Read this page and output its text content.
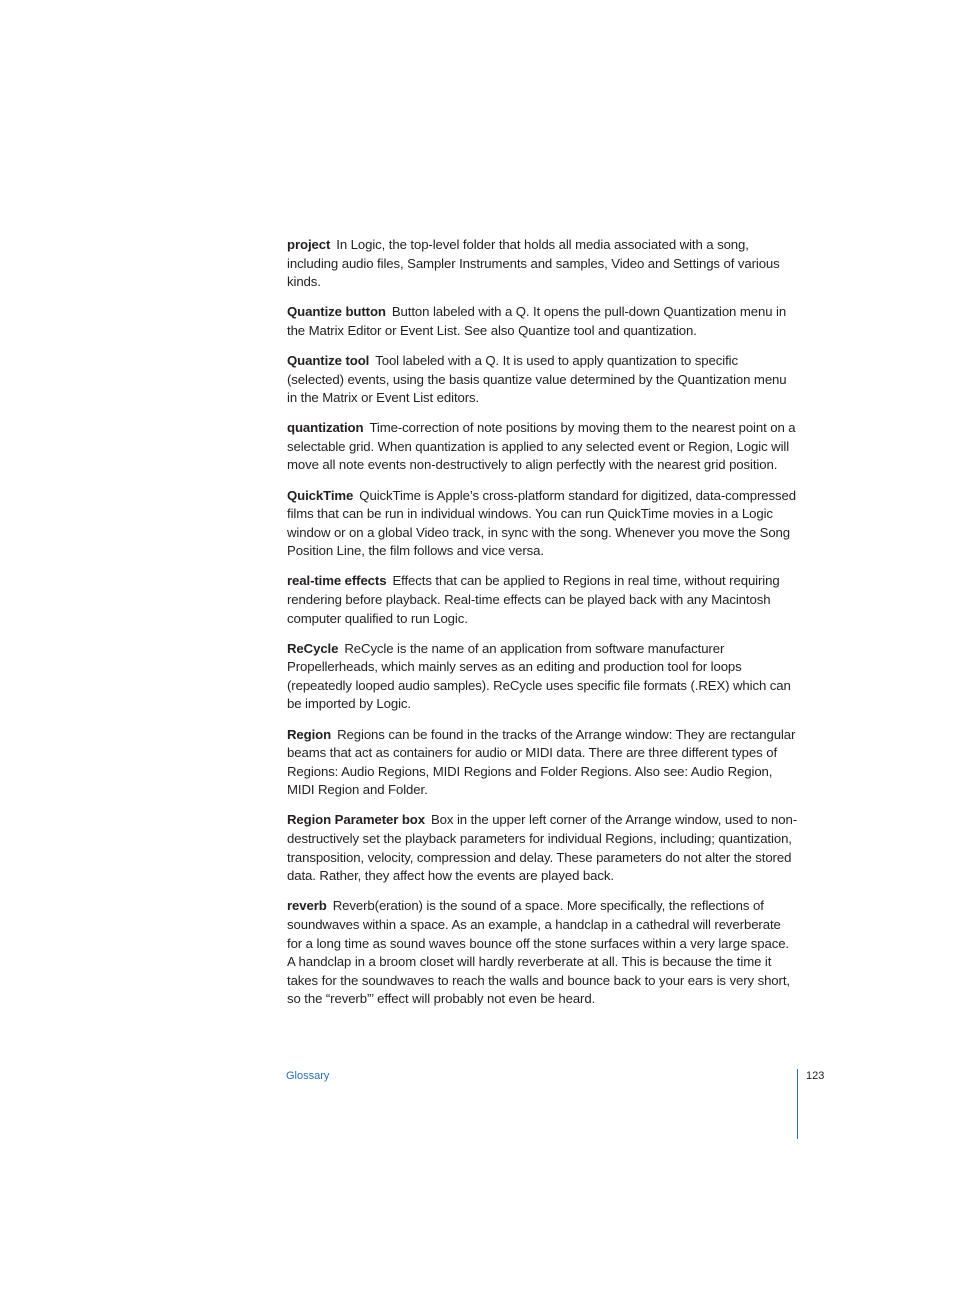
project In Logic, the top-level folder that holds all media associated with a song, including audio files, Sampler Instruments and samples, Video and Settings of various kinds.

Quantize button Button labeled with a Q. It opens the pull-down Quantization menu in the Matrix Editor or Event List. See also Quantize tool and quantization.

Quantize tool Tool labeled with a Q. It is used to apply quantization to specific (selected) events, using the basis quantize value determined by the Quantization menu in the Matrix or Event List editors.

quantization Time-correction of note positions by moving them to the nearest point on a selectable grid. When quantization is applied to any selected event or Region, Logic will move all note events non-destructively to align perfectly with the nearest grid position.

QuickTime QuickTime is Apple’s cross-platform standard for digitized, data-compressed films that can be run in individual windows. You can run QuickTime movies in a Logic window or on a global Video track, in sync with the song. Whenever you move the Song Position Line, the film follows and vice versa.

real-time effects Effects that can be applied to Regions in real time, without requiring rendering before playback. Real-time effects can be played back with any Macintosh computer qualified to run Logic.

ReCycle ReCycle is the name of an application from software manufacturer Propellerheads, which mainly serves as an editing and production tool for loops (repeatedly looped audio samples). ReCycle uses specific file formats (.REX) which can be imported by Logic.

Region Regions can be found in the tracks of the Arrange window: They are rectangular beams that act as containers for audio or MIDI data. There are three different types of Regions: Audio Regions, MIDI Regions and Folder Regions. Also see: Audio Region, MIDI Region and Folder.

Region Parameter box Box in the upper left corner of the Arrange window, used to non-destructively set the playback parameters for individual Regions, including; quantization, transposition, velocity, compression and delay. These parameters do not alter the stored data. Rather, they affect how the events are played back.

reverb Reverb(eration) is the sound of a space. More specifically, the reflections of soundwaves within a space. As an example, a handclap in a cathedral will reverberate for a long time as sound waves bounce off the stone surfaces within a very large space. A handclap in a broom closet will hardly reverberate at all. This is because the time it takes for the soundwaves to reach the walls and bounce back to your ears is very short, so the “reverb”’ effect will probably not even be heard.

Glossary	123
